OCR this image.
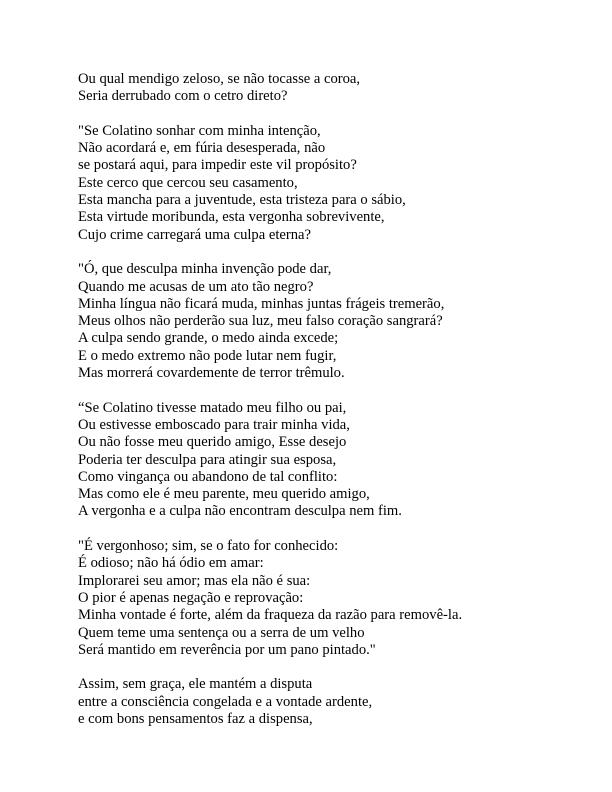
Ou qual mendigo zeloso, se não tocasse a coroa,
Seria derrubado com o cetro direto?
"Se Colatino sonhar com minha intenção,
Não acordará e, em fúria desesperada, não
se postará aqui, para impedir este vil propósito?
Este cerco que cercou seu casamento,
Esta mancha para a juventude, esta tristeza para o sábio,
Esta virtude moribunda, esta vergonha sobrevivente,
Cujo crime carregará uma culpa eterna?
"Ó, que desculpa minha invenção pode dar,
Quando me acusas de um ato tão negro?
Minha língua não ficará muda, minhas juntas frágeis tremerão,
Meus olhos não perderão sua luz, meu falso coração sangrará?
A culpa sendo grande, o medo ainda excede;
E o medo extremo não pode lutar nem fugir,
Mas morrerá covardemente de terror trêmulo.
“Se Colatino tivesse matado meu filho ou pai,
Ou estivesse emboscado para trair minha vida,
Ou não fosse meu querido amigo, Esse desejo
Poderia ter desculpa para atingir sua esposa,
Como vingança ou abandono de tal conflito:
Mas como ele é meu parente, meu querido amigo,
A vergonha e a culpa não encontram desculpa nem fim.
"É vergonhoso; sim, se o fato for conhecido:
É odioso; não há ódio em amar:
Implorarei seu amor; mas ela não é sua:
O pior é apenas negação e reprovação:
Minha vontade é forte, além da fraqueza da razão para removê-la.
Quem teme uma sentença ou a serra de um velho
Será mantido em reverência por um pano pintado."
Assim, sem graça, ele mantém a disputa
entre a consciência congelada e a vontade ardente,
e com bons pensamentos faz a dispensa,
